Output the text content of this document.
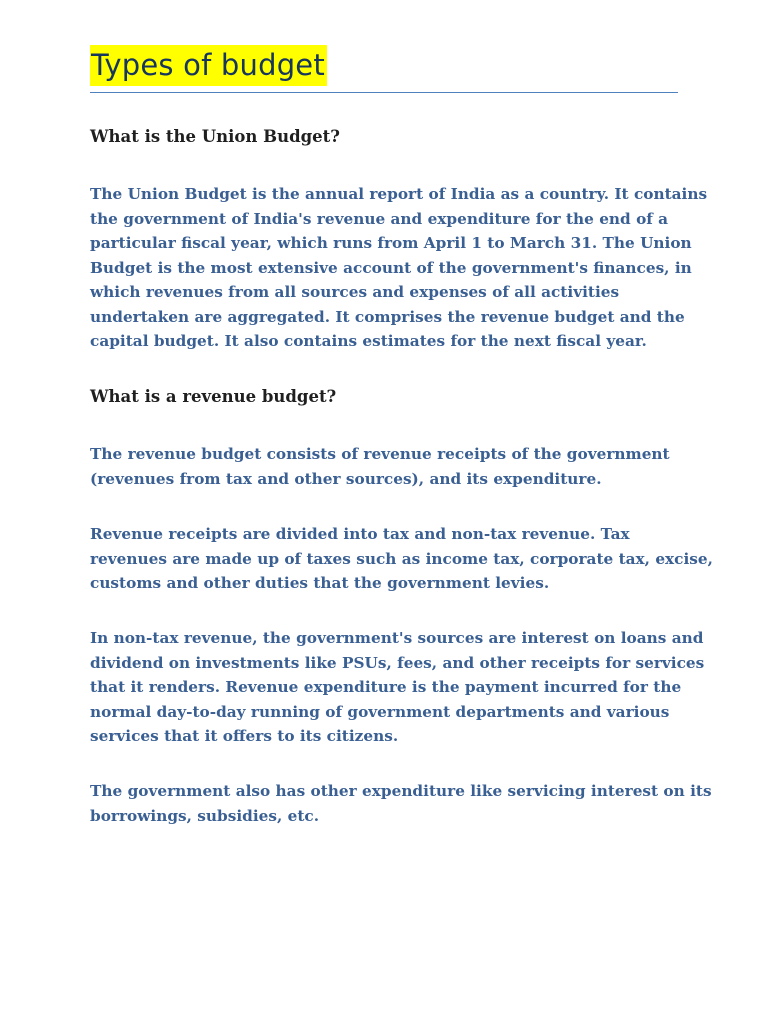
Types of budget
What is the Union Budget?
The Union Budget is the annual report of India as a country. It contains
the government of India's revenue and expenditure for the end of a
particular fiscal year, which runs from April 1 to March 31. The Union
Budget is the most extensive account of the government's finances, in
which revenues from all sources and expenses of all activities
undertaken are aggregated. It comprises the revenue budget and the
capital budget. It also contains estimates for the next fiscal year.
What is a revenue budget?
The revenue budget consists of revenue receipts of the government
(revenues from tax and other sources), and its expenditure.
Revenue receipts are divided into tax and non-tax revenue. Tax
revenues are made up of taxes such as income tax, corporate tax, excise,
customs and other duties that the government levies.
In non-tax revenue, the government's sources are interest on loans and
dividend on investments like PSUs, fees, and other receipts for services
that it renders. Revenue expenditure is the payment incurred for the
normal day-to-day running of government departments and various
services that it offers to its citizens.
The government also has other expenditure like servicing interest on its
borrowings, subsidies, etc.
